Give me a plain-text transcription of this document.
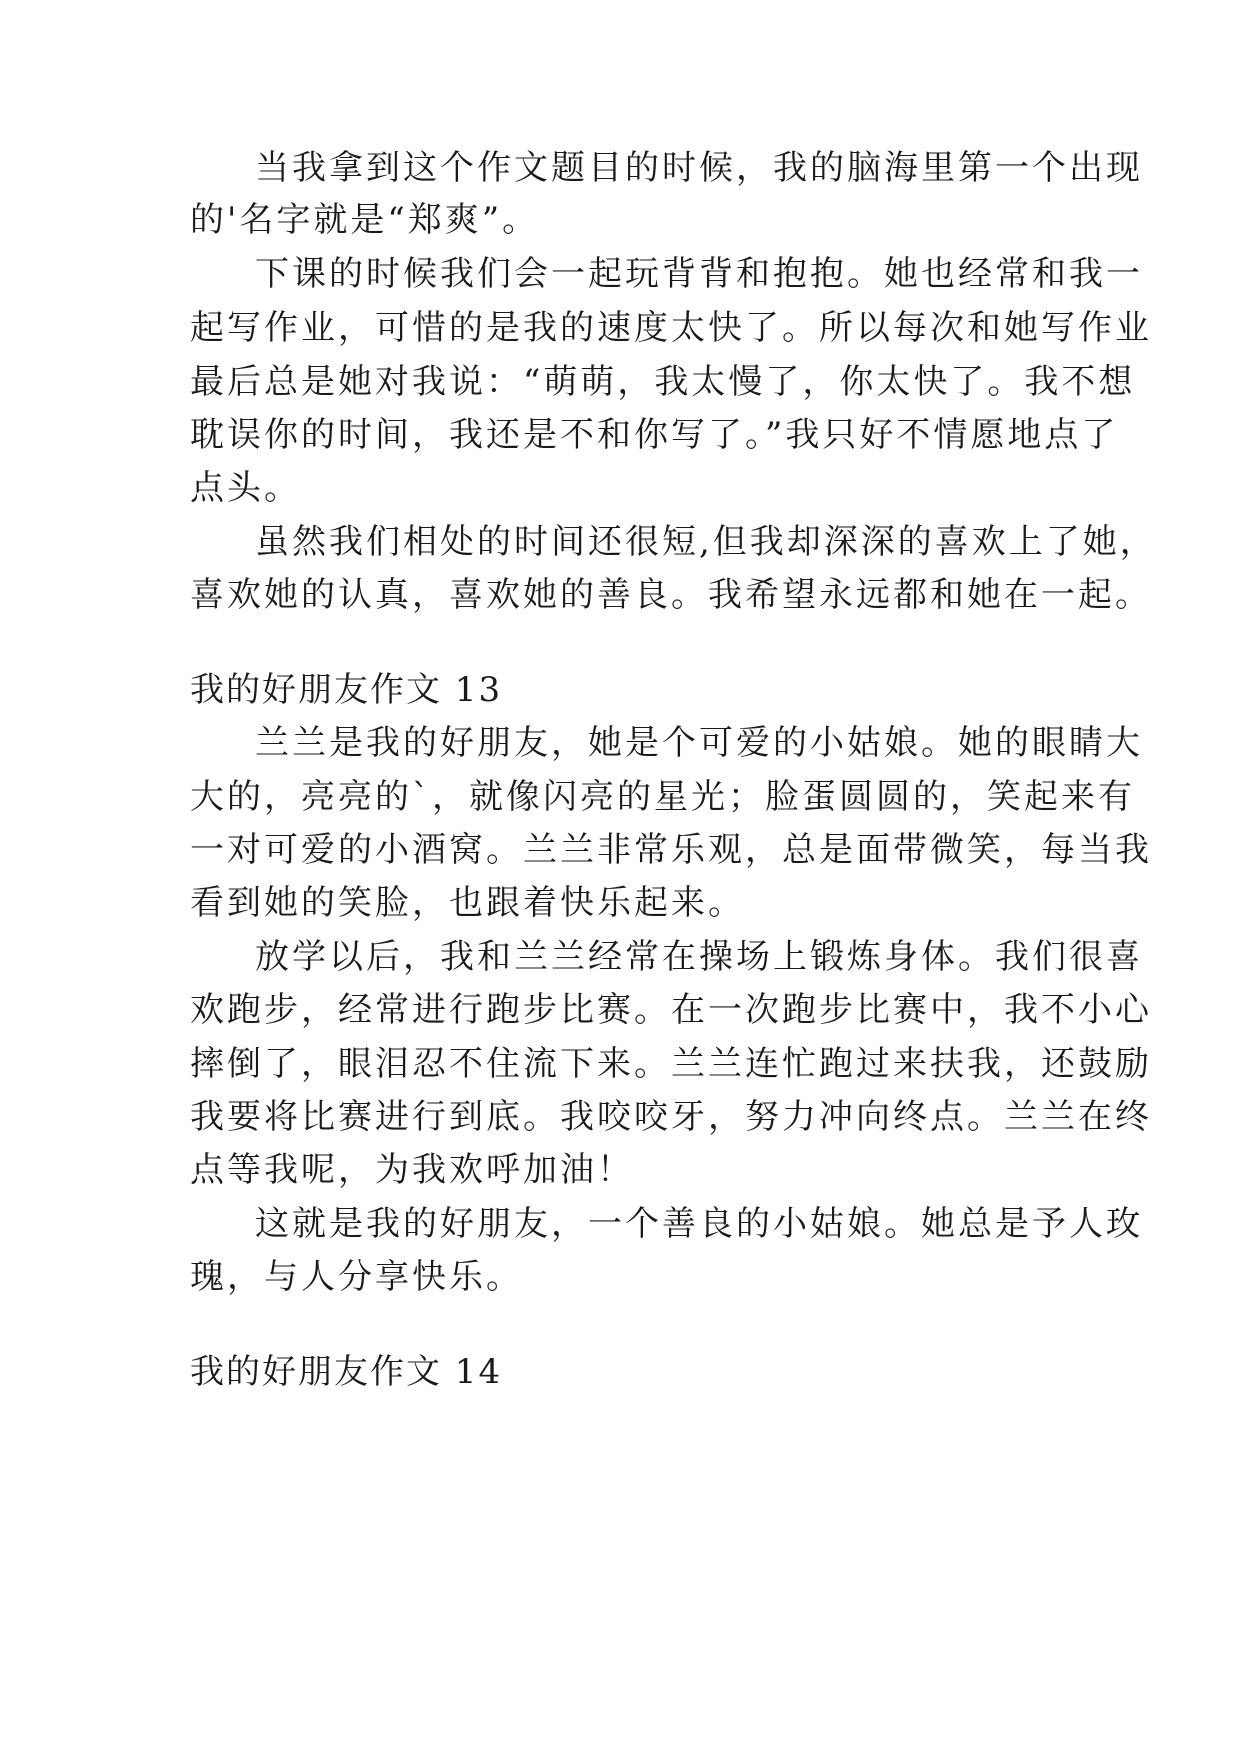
当我拿到这个作文题目的时候，我的脑海里第一个出现
的'名字就是“郑爽”。
下课的时候我们会一起玩背背和抱抱。她也经常和我一
起写作业，可惜的是我的速度太快了。所以每次和她写作业
最后总是她对我说：“萌萌，我太慢了，你太快了。我不想
耽误你的时间，我还是不和你写了。”我只好不情愿地点了
点头。
虽然我们相处的时间还很短,但我却深深的喜欢上了她，
喜欢她的认真，喜欢她的善良。我希望永远都和她在一起。
我的好朋友作文 13
兰兰是我的好朋友，她是个可爱的小姑娘。她的眼睛大
大的，亮亮的`，就像闪亮的星光；脸蛋圆圆的，笑起来有
一对可爱的小酒窝。兰兰非常乐观，总是面带微笑，每当我
看到她的笑脸，也跟着快乐起来。
放学以后，我和兰兰经常在操场上锻炼身体。我们很喜
欢跑步，经常进行跑步比赛。在一次跑步比赛中，我不小心
摔倒了，眼泪忍不住流下来。兰兰连忙跑过来扶我，还鼓励
我要将比赛进行到底。我咬咬牙，努力冲向终点。兰兰在终
点等我呢，为我欢呼加油！
这就是我的好朋友，一个善良的小姑娘。她总是予人玫
瑰，与人分享快乐。
我的好朋友作文 14
